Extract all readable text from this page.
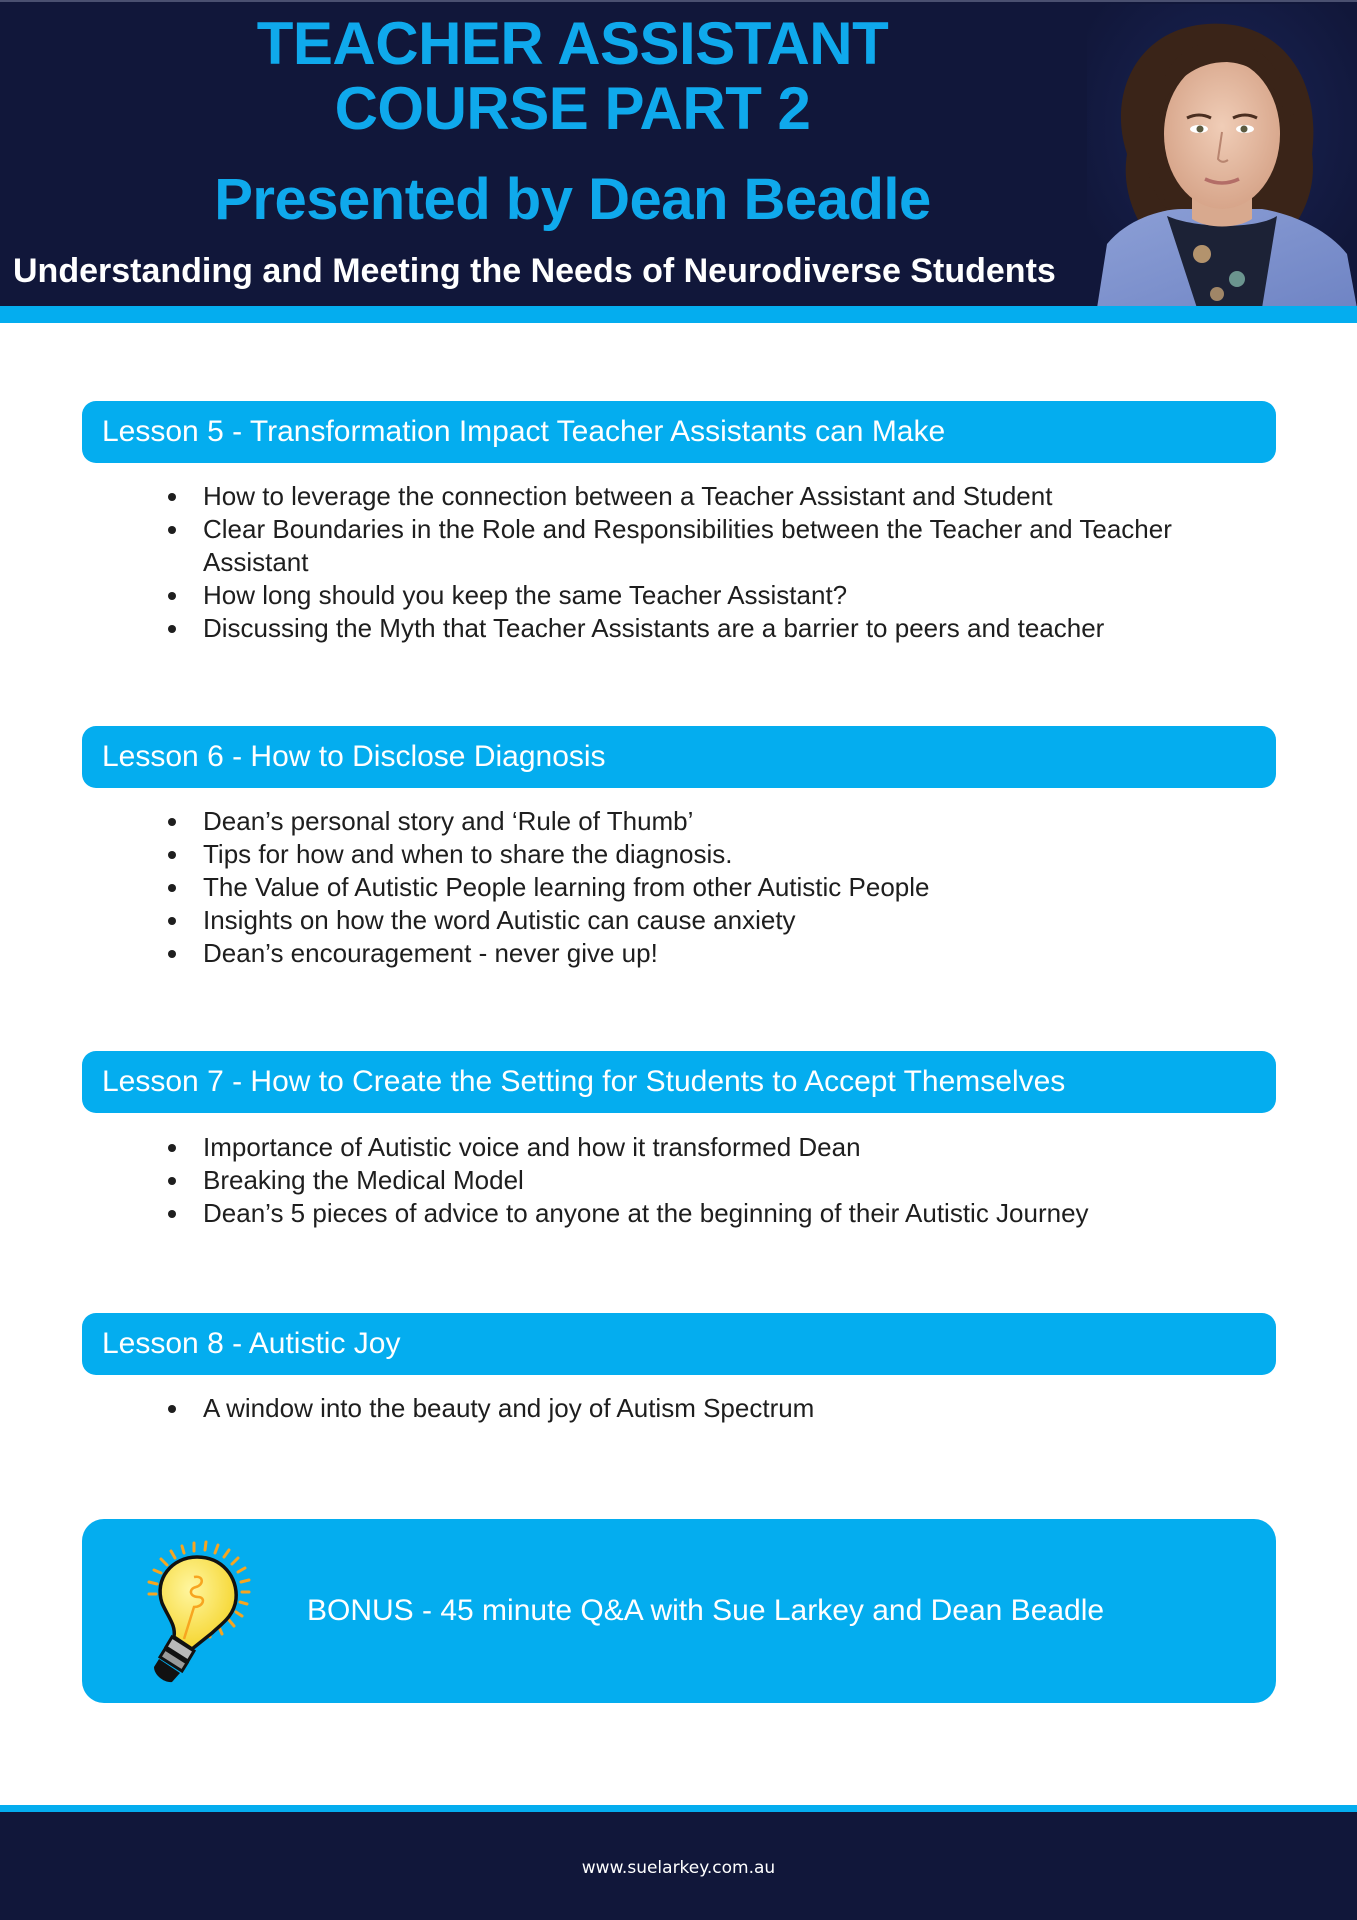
TEACHER ASSISTANT
COURSE PART 2
Presented by Dean Beadle
Understanding and Meeting the Needs of Neurodiverse Students
Lesson 5 - Transformation Impact Teacher Assistants can Make
How to leverage the connection between a Teacher Assistant and Student
Clear Boundaries in the Role and Responsibilities between the Teacher and Teacher Assistant
How long should you keep the same Teacher Assistant?
Discussing the Myth that Teacher Assistants are a barrier to peers and teacher
Lesson 6 - How to Disclose Diagnosis
Dean’s personal story and ‘Rule of Thumb’
Tips for how and when to share the diagnosis.
The Value of Autistic People learning from other Autistic People
Insights on how the word Autistic can cause anxiety
Dean’s encouragement - never give up!
Lesson 7 - How to Create the Setting for Students to Accept Themselves
Importance of Autistic voice and how it transformed Dean
Breaking the Medical Model
Dean’s 5 pieces of advice to anyone at the beginning of their Autistic Journey
Lesson 8 - Autistic Joy
A window into the beauty and joy of Autism Spectrum
BONUS - 45 minute Q&A with Sue Larkey and Dean Beadle
www.suelarkey.com.au
